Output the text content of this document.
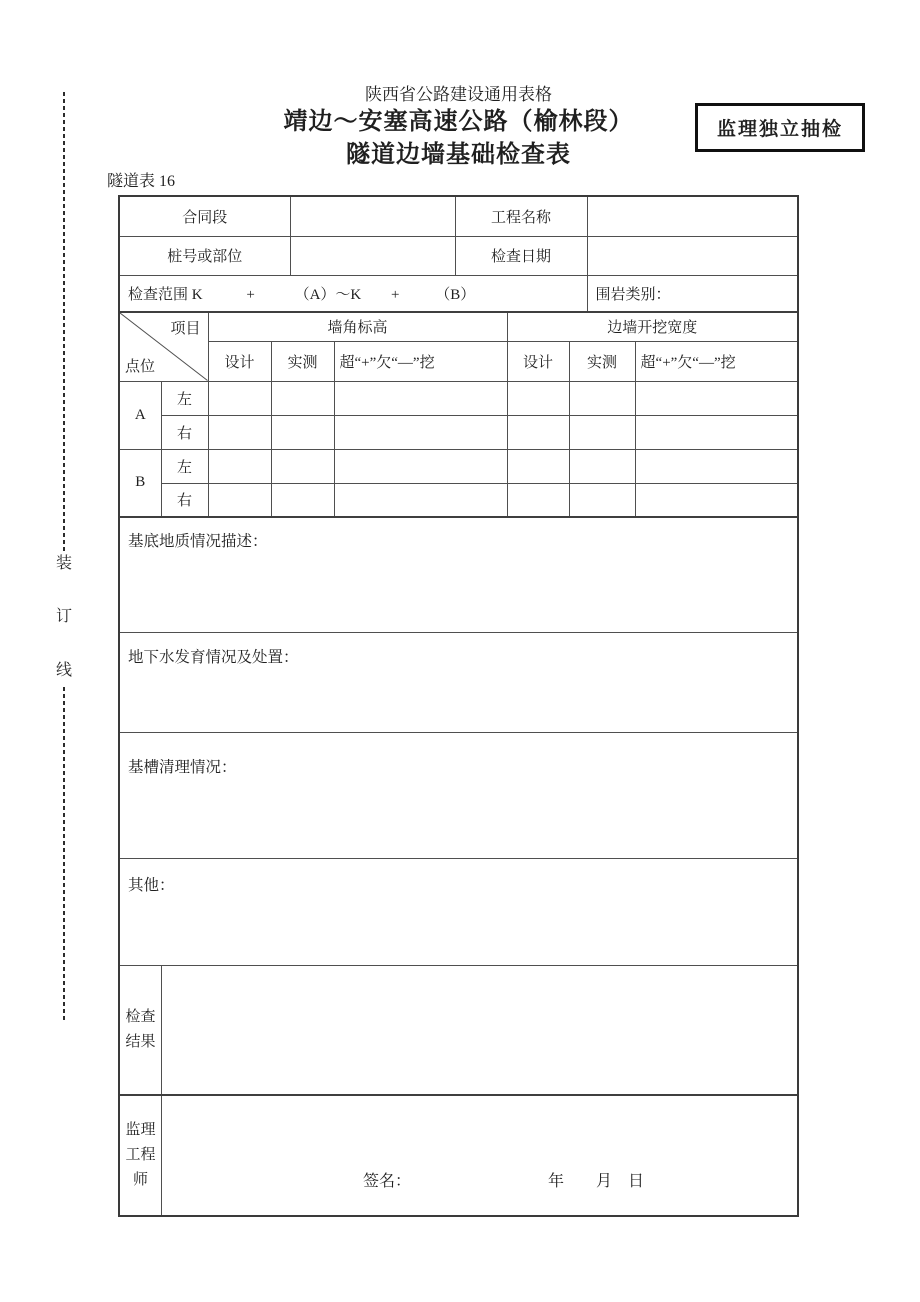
装
订
线
陕西省公路建设通用表格
靖边～安塞高速公路（榆林段）
隧道边墙基础检查表
监理独立抽检
隧道表 16
合同段		工程名称	
桩号或部位		检查日期	
检查范围 K + （A）～K + （B）			围岩类别：
项目
点位		墙角标高			边墙开挖宽度		
		设计	实测	超“+”欠“—”挖	设计	实测	超“+”欠“—”挖
A	左						
	右						
B	左						
	右						
基底地质情况描述：
地下水发育情况及处置：
基槽清理情况：
其他：
检查
结果
监理
工程
师	签名：	年　　月　日
